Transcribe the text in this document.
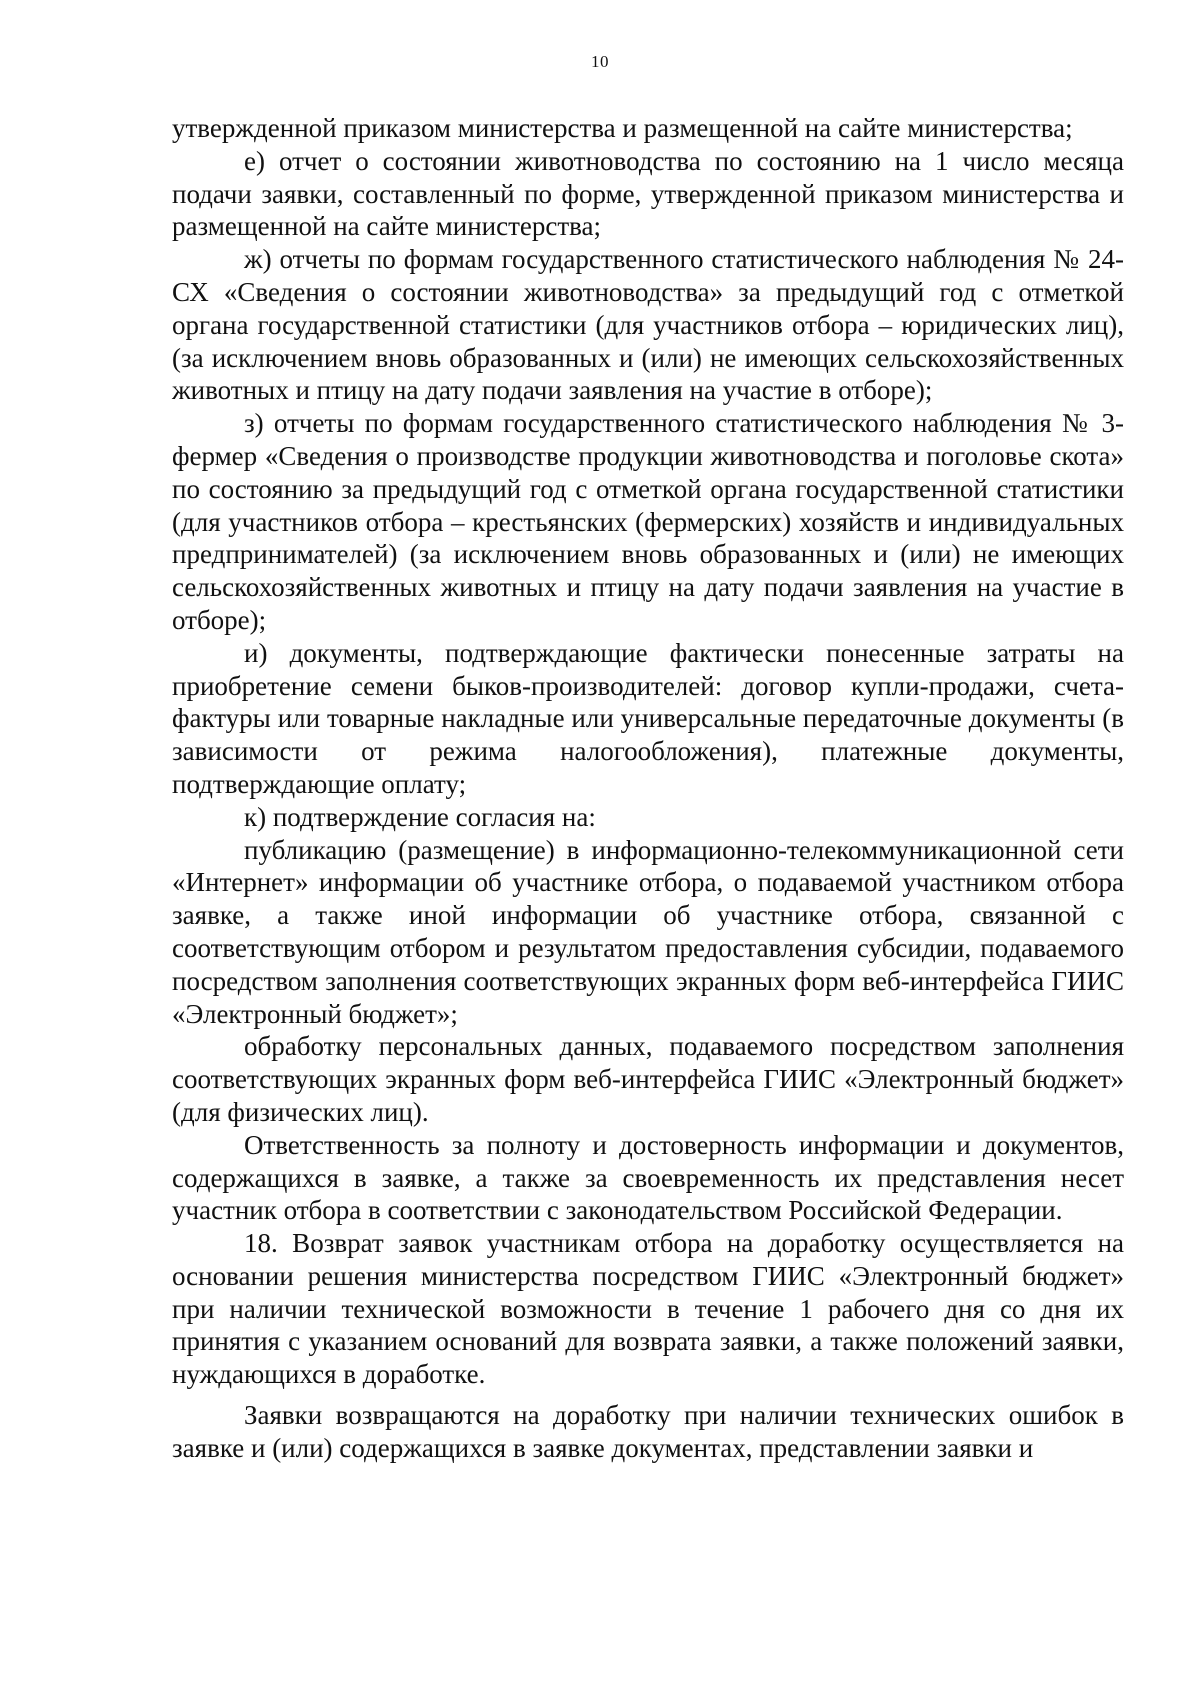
10

утвержденной приказом министерства и размещенной на сайте министерства;

е) отчет о состоянии животноводства по состоянию на 1 число месяца подачи заявки, составленный по форме, утвержденной приказом министерства и размещенной на сайте министерства;

ж) отчеты по формам государственного статистического наблюдения № 24-СХ «Сведения о состоянии животноводства» за предыдущий год с отметкой органа государственной статистики (для участников отбора – юридических лиц), (за исключением вновь образованных и (или) не имеющих сельскохозяйственных животных и птицу на дату подачи заявления на участие в отборе);

з) отчеты по формам государственного статистического наблюдения № 3-фермер «Сведения о производстве продукции животноводства и поголовье скота» по состоянию за предыдущий год с отметкой органа государственной статистики (для участников отбора – крестьянских (фермерских) хозяйств и индивидуальных предпринимателей) (за исключением вновь образованных и (или) не имеющих сельскохозяйственных животных и птицу на дату подачи заявления на участие в отборе);

и) документы, подтверждающие фактически понесенные затраты на приобретение семени быков-производителей: договор купли-продажи, счета-фактуры или товарные накладные или универсальные передаточные документы (в зависимости от режима налогообложения), платежные документы, подтверждающие оплату;

к) подтверждение согласия на:

публикацию (размещение) в информационно-телекоммуникационной сети «Интернет» информации об участнике отбора, о подаваемой участником отбора заявке, а также иной информации об участнике отбора, связанной с соответствующим отбором и результатом предоставления субсидии, подаваемого посредством заполнения соответствующих экранных форм веб-интерфейса ГИИС «Электронный бюджет»;

обработку персональных данных, подаваемого посредством заполнения соответствующих экранных форм веб-интерфейса ГИИС «Электронный бюджет» (для физических лиц).

Ответственность за полноту и достоверность информации и документов, содержащихся в заявке, а также за своевременность их представления несет участник отбора в соответствии с законодательством Российской Федерации.

18. Возврат заявок участникам отбора на доработку осуществляется на основании решения министерства посредством ГИИС «Электронный бюджет» при наличии технической возможности в течение 1 рабочего дня со дня их принятия с указанием оснований для возврата заявки, а также положений заявки, нуждающихся в доработке.

Заявки возвращаются на доработку при наличии технических ошибок в заявке и (или) содержащихся в заявке документах, представлении заявки и
